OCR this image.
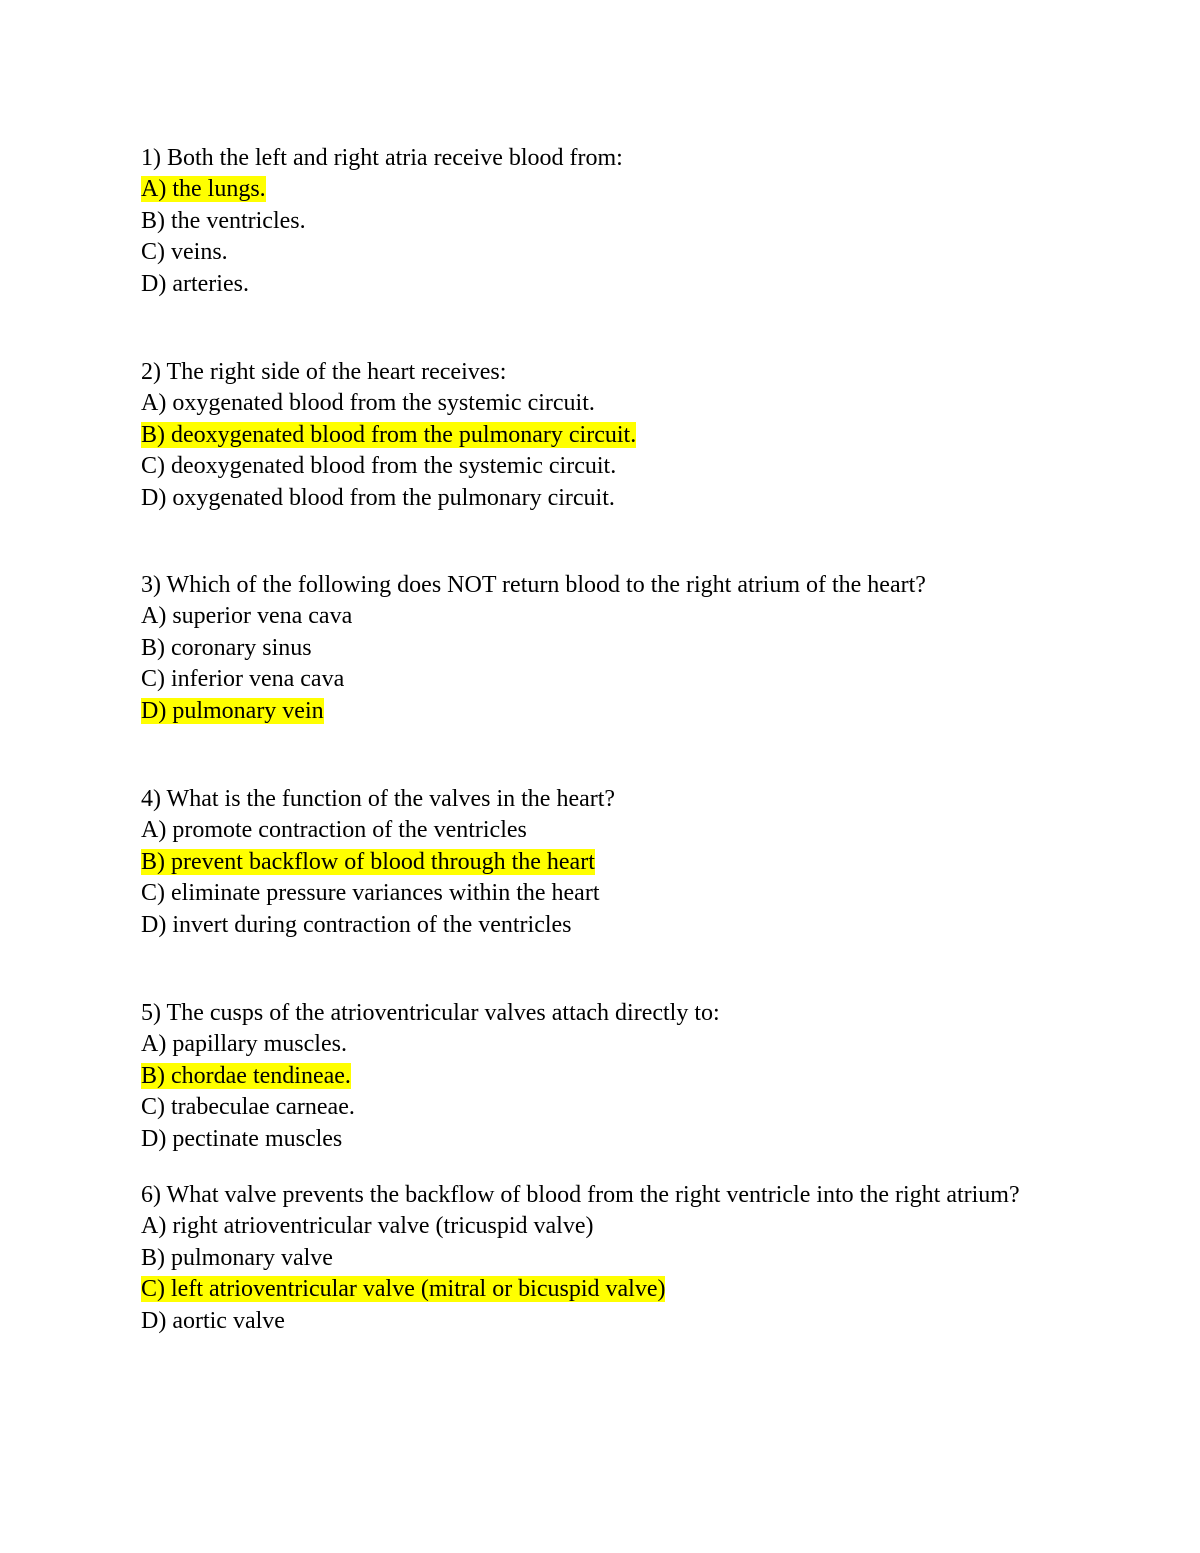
1) Both the left and right atria receive blood from:
A) the lungs.
B) the ventricles.
C) veins.
D) arteries.
2) The right side of the heart receives:
A) oxygenated blood from the systemic circuit.
B) deoxygenated blood from the pulmonary circuit.
C) deoxygenated blood from the systemic circuit.
D) oxygenated blood from the pulmonary circuit.
3) Which of the following does NOT return blood to the right atrium of the heart?
A) superior vena cava
B) coronary sinus
C) inferior vena cava
D) pulmonary vein
4) What is the function of the valves in the heart?
A) promote contraction of the ventricles
B) prevent backflow of blood through the heart
C) eliminate pressure variances within the heart
D) invert during contraction of the ventricles
5) The cusps of the atrioventricular valves attach directly to:
A) papillary muscles.
B) chordae tendineae.
C) trabeculae carneae.
D) pectinate muscles
6) What valve prevents the backflow of blood from the right ventricle into the right atrium?
A) right atrioventricular valve (tricuspid valve)
B) pulmonary valve
C) left atrioventricular valve (mitral or bicuspid valve)
D) aortic valve
